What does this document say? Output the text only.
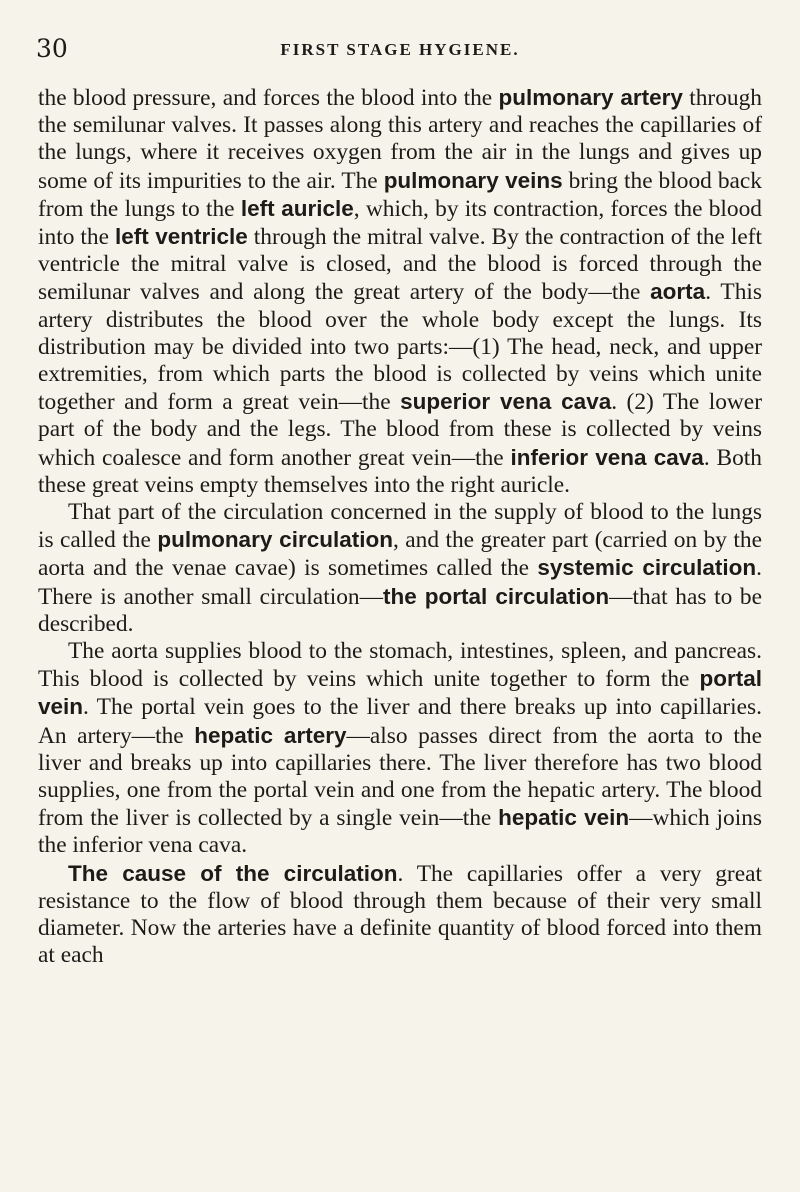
30	FIRST STAGE HYGIENE.

the blood pressure, and forces the blood into the pulmonary artery through the semilunar valves. It passes along this artery and reaches the capillaries of the lungs, where it receives oxygen from the air in the lungs and gives up some of its impurities to the air. The pulmonary veins bring the blood back from the lungs to the left auricle, which, by its contraction, forces the blood into the left ventricle through the mitral valve. By the contraction of the left ventricle the mitral valve is closed, and the blood is forced through the semilunar valves and along the great artery of the body—the aorta. This artery distributes the blood over the whole body except the lungs. Its distribution may be divided into two parts:—(1) The head, neck, and upper extremities, from which parts the blood is collected by veins which unite together and form a great vein—the superior vena cava. (2) The lower part of the body and the legs. The blood from these is collected by veins which coalesce and form another great vein—the inferior vena cava. Both these great veins empty themselves into the right auricle.

That part of the circulation concerned in the supply of blood to the lungs is called the pulmonary circulation, and the greater part (carried on by the aorta and the venae cavae) is sometimes called the systemic circulation. There is another small circulation—the portal circulation—that has to be described.

The aorta supplies blood to the stomach, intestines, spleen, and pancreas. This blood is collected by veins which unite together to form the portal vein. The portal vein goes to the liver and there breaks up into capillaries. An artery—the hepatic artery—also passes direct from the aorta to the liver and breaks up into capillaries there. The liver therefore has two blood supplies, one from the portal vein and one from the hepatic artery. The blood from the liver is collected by a single vein—the hepatic vein—which joins the inferior vena cava.

The cause of the circulation. The capillaries offer a very great resistance to the flow of blood through them because of their very small diameter. Now the arteries have a definite quantity of blood forced into them at each
